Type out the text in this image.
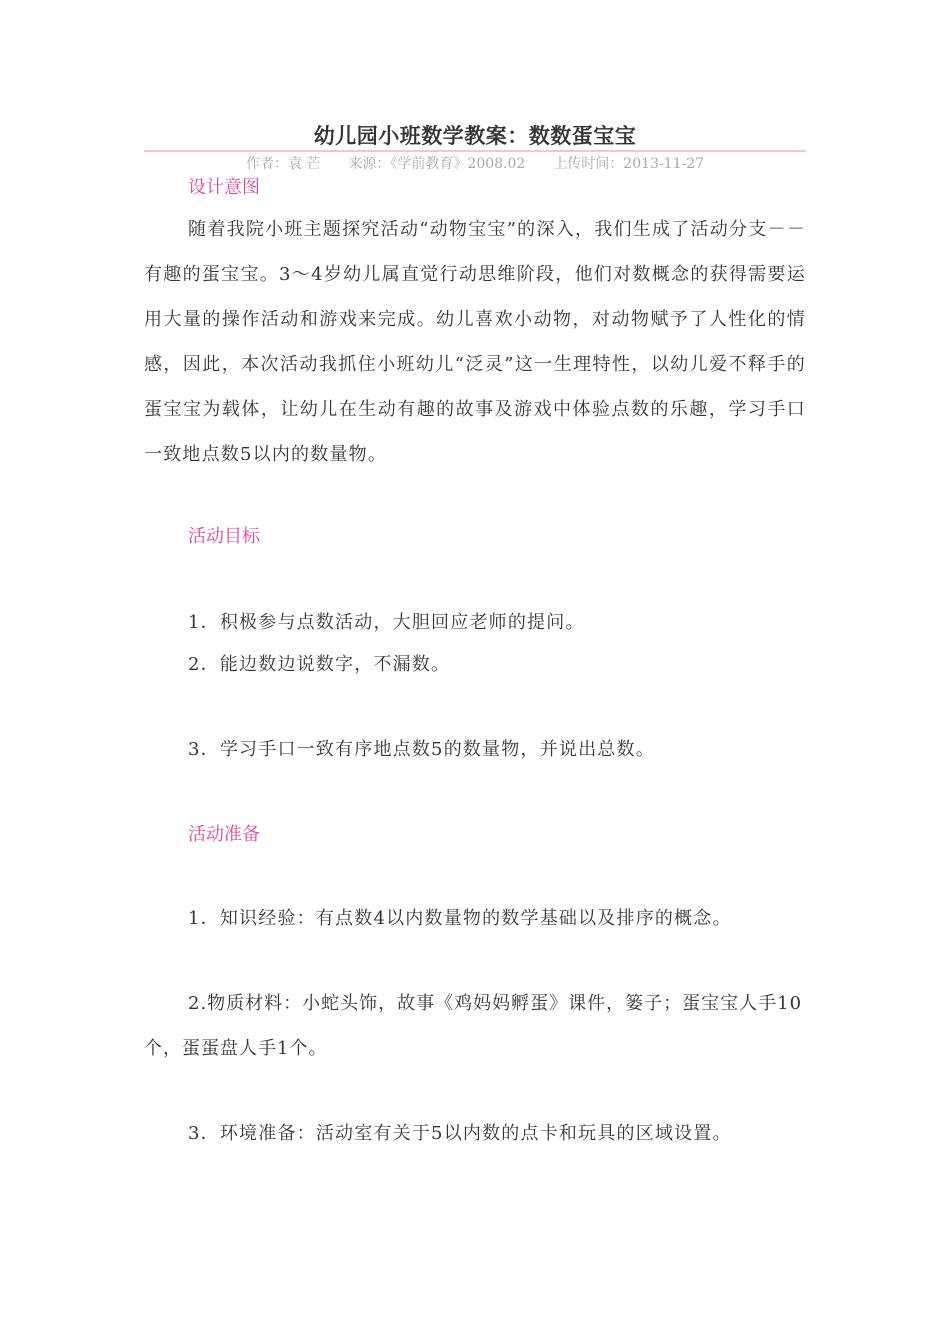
幼儿园小班数学教案：数数蛋宝宝
作者：袁 芒 来源：《学前教育》2008.02 上传时间：2013-11-27
设计意图
随着我院小班主题探究活动“动物宝宝”的深入，我们生成了活动分支－－有趣的蛋宝宝。3～4岁幼儿属直觉行动思维阶段，他们对数概念的获得需要运用大量的操作活动和游戏来完成。幼儿喜欢小动物，对动物赋予了人性化的情感，因此，本次活动我抓住小班幼儿“泛灵”这一生理特性，以幼儿爱不释手的蛋宝宝为载体，让幼儿在生动有趣的故事及游戏中体验点数的乐趣，学习手口一致地点数5以内的数量物。
活动目标
1．积极参与点数活动，大胆回应老师的提问。
2．能边数边说数字，不漏数。
3．学习手口一致有序地点数5的数量物，并说出总数。
活动准备
1．知识经验：有点数4以内数量物的数学基础以及排序的概念。
2.物质材料：小蛇头饰，故事《鸡妈妈孵蛋》课件，篓子；蛋宝宝人手10个，蛋蛋盘人手1个。
3．环境准备：活动室有关于5以内数的点卡和玩具的区域设置。
